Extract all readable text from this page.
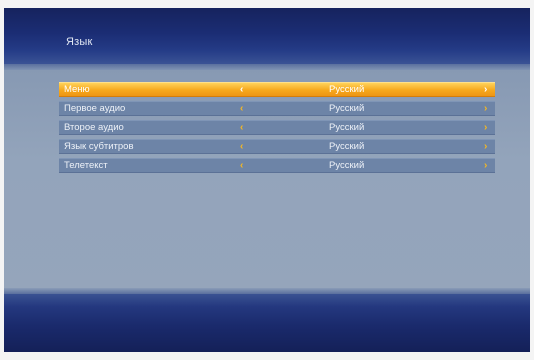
Язык
Меню	‹	Русский	›
Первое аудио	‹	Русский	›
Второе аудио	‹	Русский	›
Язык субтитров	‹	Русский	›
Телетекст	‹	Русский	›
